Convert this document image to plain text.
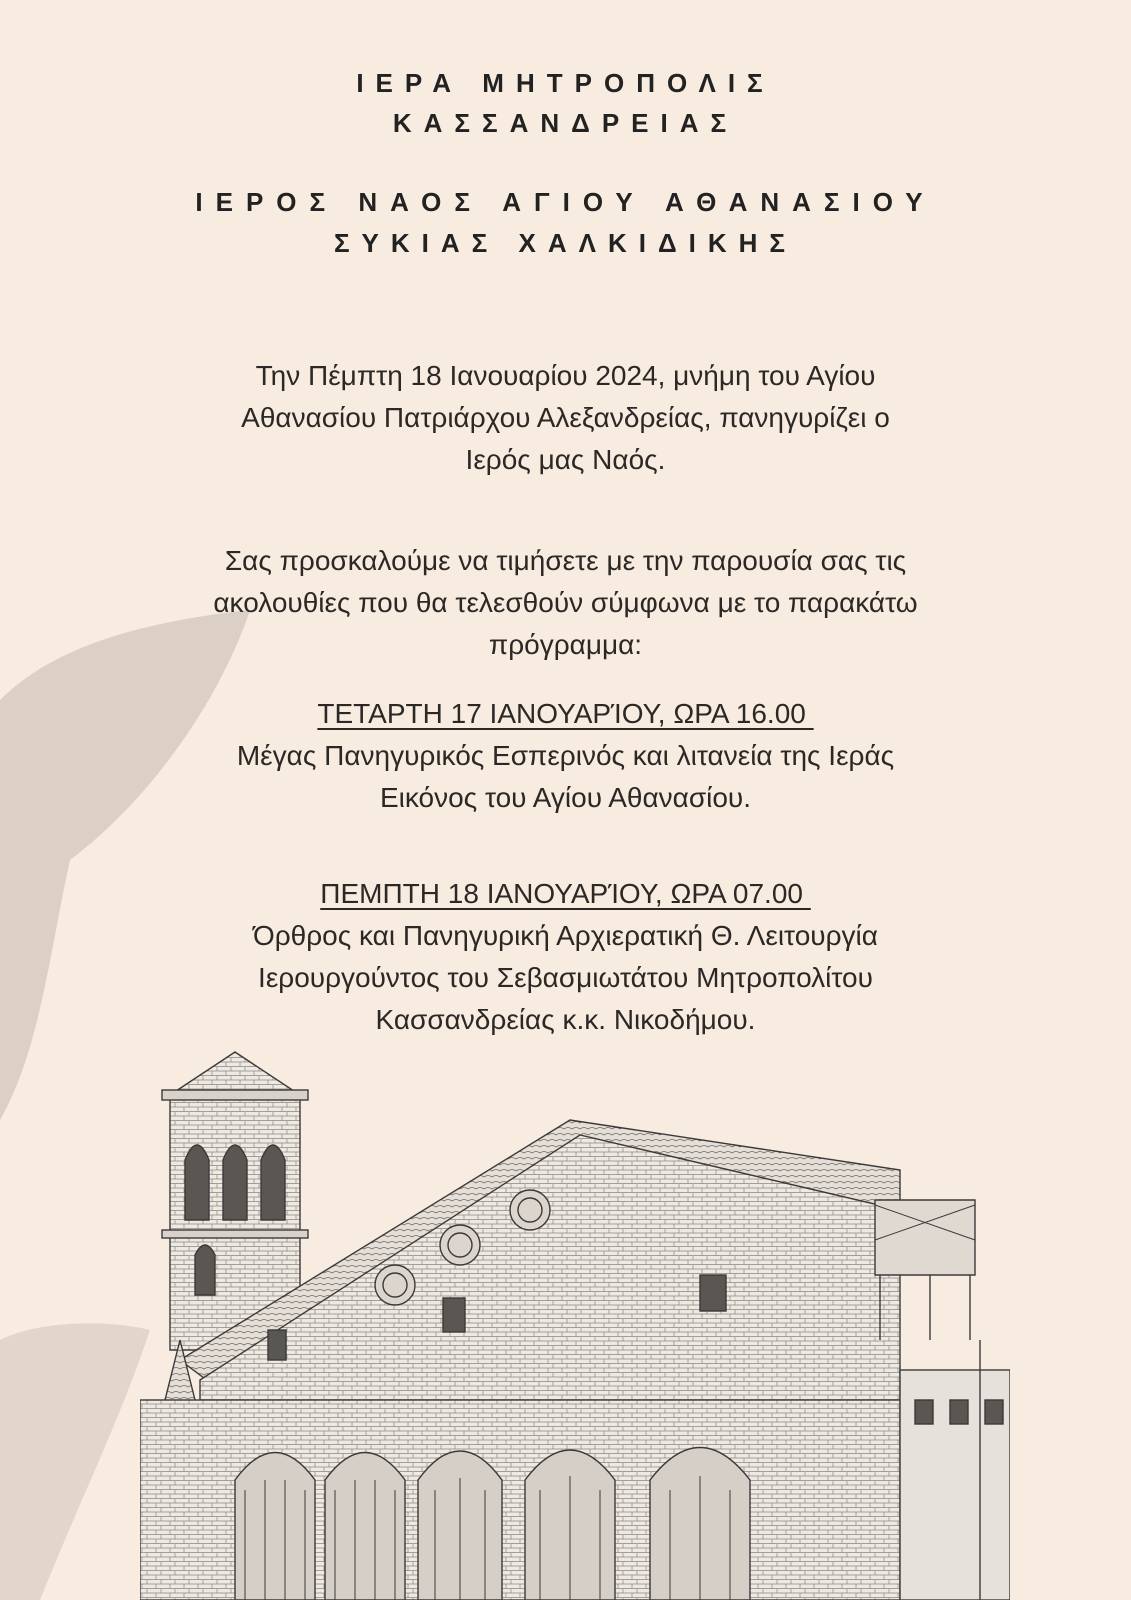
ΙΕΡΑ ΜΗΤΡΟΠΟΛΙΣ
ΚΑΣΣΑΝΔΡΕΙΑΣ
ΙΕΡΟΣ ΝΑΟΣ ΑΓΙΟΥ ΑΘΑΝΑΣΙΟΥ
ΣΥΚΙΑΣ ΧΑΛΚΙΔΙΚΗΣ
Την Πέμπτη 18 Ιανουαρίου 2024, μνήμη του Αγίου
Αθανασίου Πατριάρχου Αλεξανδρείας, πανηγυρίζει ο
Ιερός μας Ναός.
Σας προσκαλούμε να τιμήσετε με την παρουσία σας τις
ακολουθίες που θα τελεσθούν σύμφωνα με το παρακάτω
πρόγραμμα:
ΤΕΤΑΡΤΗ 17 ΙΑΝΟΥΑΡΊΟΥ, ΩΡΑ 16.00
Μέγας Πανηγυρικός Εσπερινός και λιτανεία της Ιεράς
Εικόνος του Αγίου Αθανασίου.
ΠΕΜΠΤΗ 18 ΙΑΝΟΥΑΡΊΟΥ, ΩΡΑ 07.00
Όρθρος και Πανηγυρική Αρχιερατική Θ. Λειτουργία
Ιερουργούντος του Σεβασμιωτάτου Μητροπολίτου
Κασσανδρείας κ.κ. Νικοδήμου.
